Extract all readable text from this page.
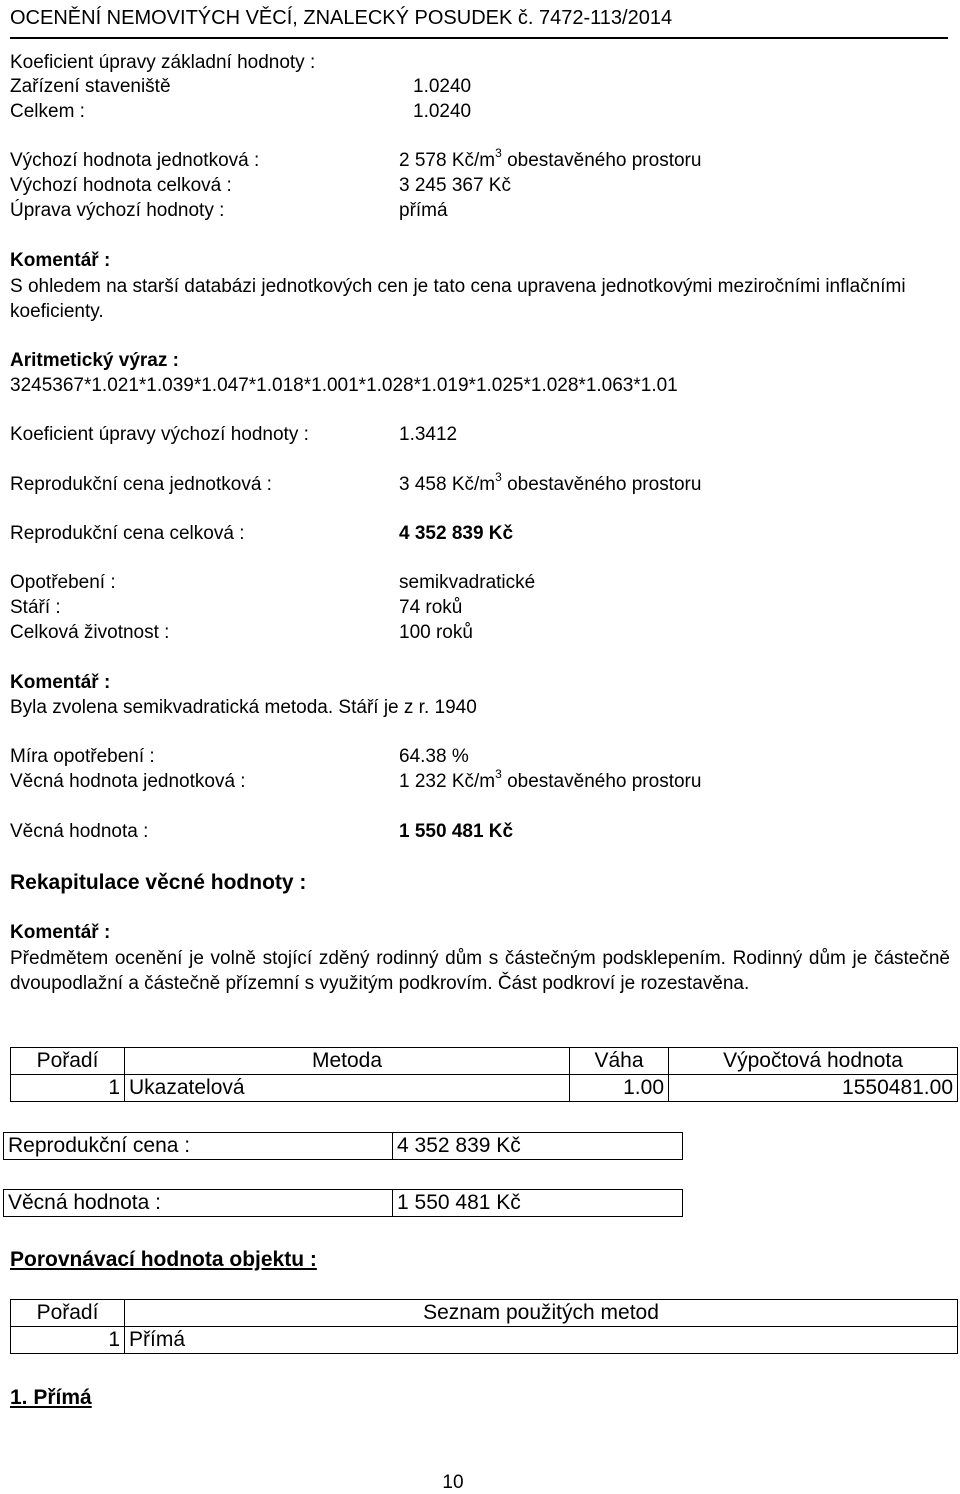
OCENĚNÍ NEMOVITÝCH VĚCÍ, ZNALECKÝ POSUDEK č. 7472-113/2014
Koeficient úpravy základní hodnoty :
Zařízení staveniště	1.0240
Celkem :	1.0240
Výchozí hodnota jednotková :	2 578 $Kč/m^3$ obestavěného prostoru
Výchozí hodnota celková :	3 245 367 Kč
Úprava výchozí hodnoty :	přímá
Komentář :
S ohledem na starší databázi jednotkových cen je tato cena upravena jednotkovými meziročními inflačními koeficienty.
Aritmetický výraz :
3245367*1.021*1.039*1.047*1.018*1.001*1.028*1.019*1.025*1.028*1.063*1.01
Koeficient úpravy výchozí hodnoty :	1.3412
Reprodukční cena jednotková :	3 458 $Kč/m^3$ obestavěného prostoru
Reprodukční cena celková :	4 352 839 Kč
Opotřebení :	semikvadratické
Stáří :	74 roků
Celková životnost :	100 roků
Komentář :
Byla zvolena semikvadratická metoda. Stáří je z r. 1940
Míra opotřebení :	64.38 %
Věcná hodnota jednotková :	1 232 $Kč/m^3$ obestavěného prostoru
Věcná hodnota :	1 550 481 Kč
Rekapitulace věcné hodnoty :
Komentář :
Předmětem ocenění je volně stojící zděný rodinný dům s částečným podsklepením. Rodinný dům je částečně dvoupodlažní a částečně přízemní s využitým podkrovím. Část podkroví je rozestavěna.
Pořadí	Metoda	Váha	Výpočtová hodnota
1	Ukazatelová	1.00	1550481.00
Reprodukční cena :	4 352 839 Kč
Věcná hodnota :	1 550 481 Kč
Porovnávací hodnota objektu :
Pořadí	Seznam použitých metod
1	Přímá
1. Přímá
10
